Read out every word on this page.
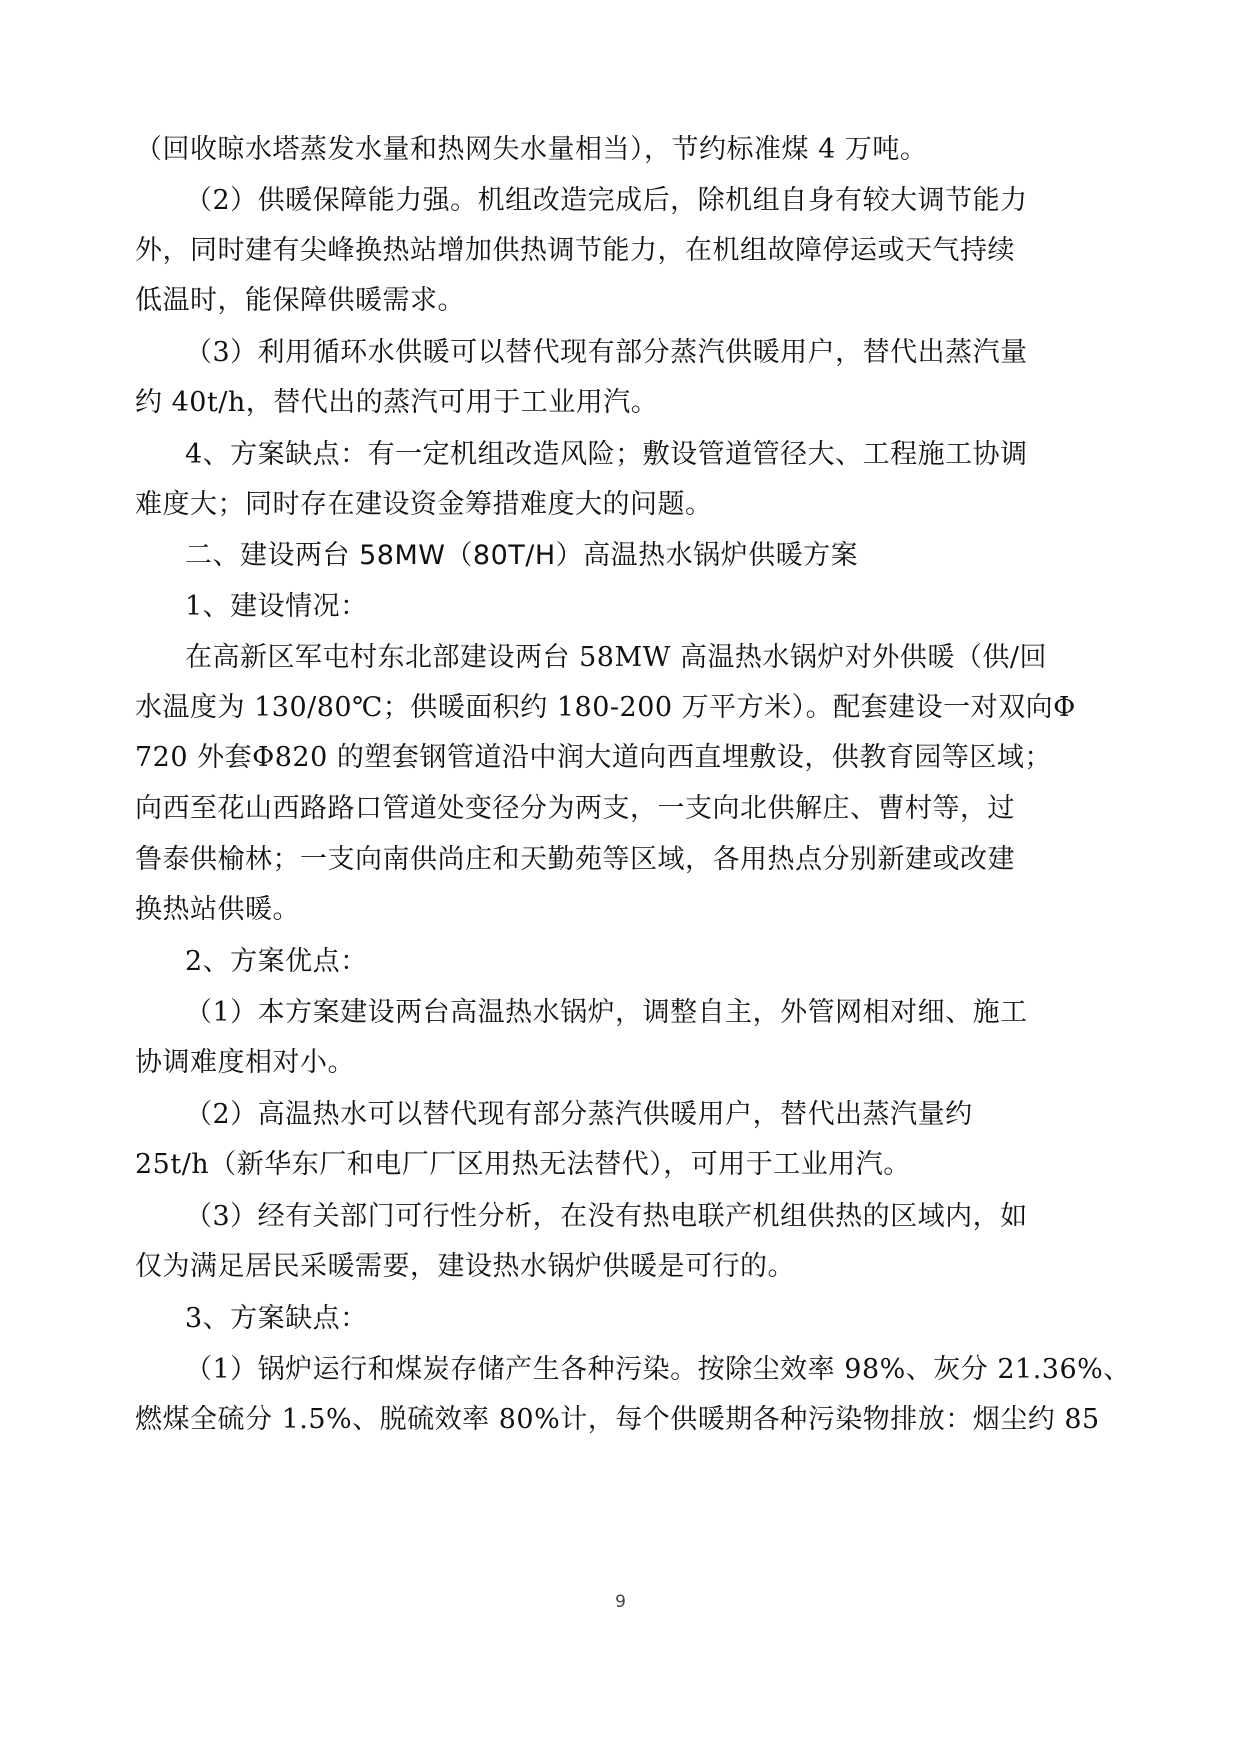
（回收晾水塔蒸发水量和热网失水量相当），节约标准煤 4 万吨。
（2）供暖保障能力强。机组改造完成后，除机组自身有较大调节能力
外，同时建有尖峰换热站增加供热调节能力，在机组故障停运或天气持续
低温时，能保障供暖需求。
（3）利用循环水供暖可以替代现有部分蒸汽供暖用户，替代出蒸汽量
约 40t/h，替代出的蒸汽可用于工业用汽。
4、方案缺点：有一定机组改造风险；敷设管道管径大、工程施工协调
难度大；同时存在建设资金筹措难度大的问题。
二、建设两台 58MW（80T/H）高温热水锅炉供暖方案
1、建设情况：
在高新区军屯村东北部建设两台 58MW 高温热水锅炉对外供暖（供/回
水温度为 130/80℃；供暖面积约 180-200 万平方米）。配套建设一对双向Φ
720 外套Φ820 的塑套钢管道沿中润大道向西直埋敷设，供教育园等区域；
向西至花山西路路口管道处变径分为两支，一支向北供解庄、曹村等，过
鲁泰供榆林；一支向南供尚庄和天勤苑等区域，各用热点分别新建或改建
换热站供暖。
2、方案优点：
（1）本方案建设两台高温热水锅炉，调整自主，外管网相对细、施工
协调难度相对小。
（2）高温热水可以替代现有部分蒸汽供暖用户，替代出蒸汽量约
25t/h（新华东厂和电厂厂区用热无法替代），可用于工业用汽。
（3）经有关部门可行性分析，在没有热电联产机组供热的区域内，如
仅为满足居民采暖需要，建设热水锅炉供暖是可行的。
3、方案缺点：
（1）锅炉运行和煤炭存储产生各种污染。按除尘效率 98%、灰分 21.36%、
燃煤全硫分 1.5%、脱硫效率 80%计，每个供暖期各种污染物排放：烟尘约 85
9
